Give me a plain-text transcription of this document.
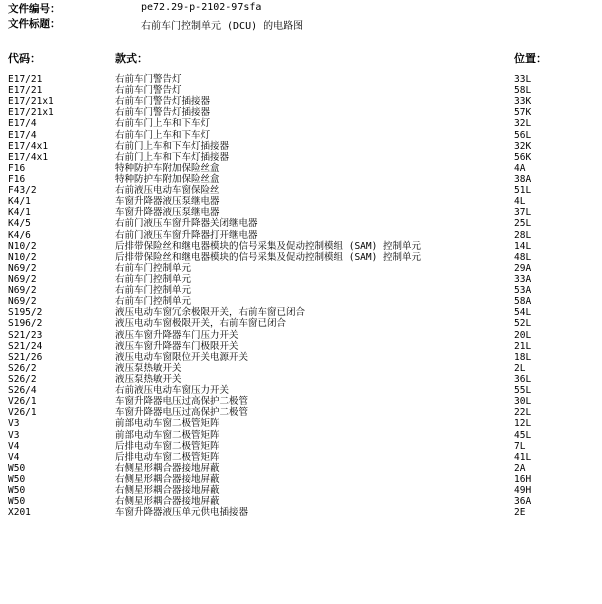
文件编号：	pe72.29-p-2102-97sfa
文件标题：	右前车门控制单元 (DCU) 的电路图
代码：	款式：	位置：
E17/21	右前车门警告灯	33L
E17/21	右前车门警告灯	58L
E17/21x1	右前车门警告灯插接器	33K
E17/21x1	右前车门警告灯插接器	57K
E17/4	右前车门上车和下车灯	32L
E17/4	右前车门上车和下车灯	56L
E17/4x1	右前门上车和下车灯插接器	32K
E17/4x1	右前门上车和下车灯插接器	56K
F16	特种防护车附加保险丝盒	4A
F16	特种防护车附加保险丝盒	38A
F43/2	右前液压电动车窗保险丝	51L
K4/1	车窗升降器液压泵继电器	4L
K4/1	车窗升降器液压泵继电器	37L
K4/5	右前门液压车窗升降器关闭继电器	25L
K4/6	右前门液压车窗升降器打开继电器	28L
N10/2	后排带保险丝和继电器模块的信号采集及促动控制模组 (SAM) 控制单元	14L
N10/2	后排带保险丝和继电器模块的信号采集及促动控制模组 (SAM) 控制单元	48L
N69/2	右前车门控制单元	29A
N69/2	右前车门控制单元	33A
N69/2	右前车门控制单元	53A
N69/2	右前车门控制单元	58A
S195/2	液压电动车窗冗余极限开关，右前车窗已闭合	54L
S196/2	液压电动车窗极限开关，右前车窗已闭合	52L
S21/23	液压车窗升降器车门压力开关	20L
S21/24	液压车窗升降器车门极限开关	21L
S21/26	液压电动车窗限位开关电源开关	18L
S26/2	液压泵热敏开关	2L
S26/2	液压泵热敏开关	36L
S26/4	右前液压电动车窗压力开关	55L
V26/1	车窗升降器电压过高保护二极管	30L
V26/1	车窗升降器电压过高保护二极管	22L
V3	前部电动车窗二极管矩阵	12L
V3	前部电动车窗二极管矩阵	45L
V4	后排电动车窗二极管矩阵	7L
V4	后排电动车窗二极管矩阵	41L
W50	右侧星形耦合器接地屏蔽	2A
W50	右侧星形耦合器接地屏蔽	16H
W50	右侧星形耦合器接地屏蔽	49H
W50	右侧星形耦合器接地屏蔽	36A
X201	车窗升降器液压单元供电插接器	2E
